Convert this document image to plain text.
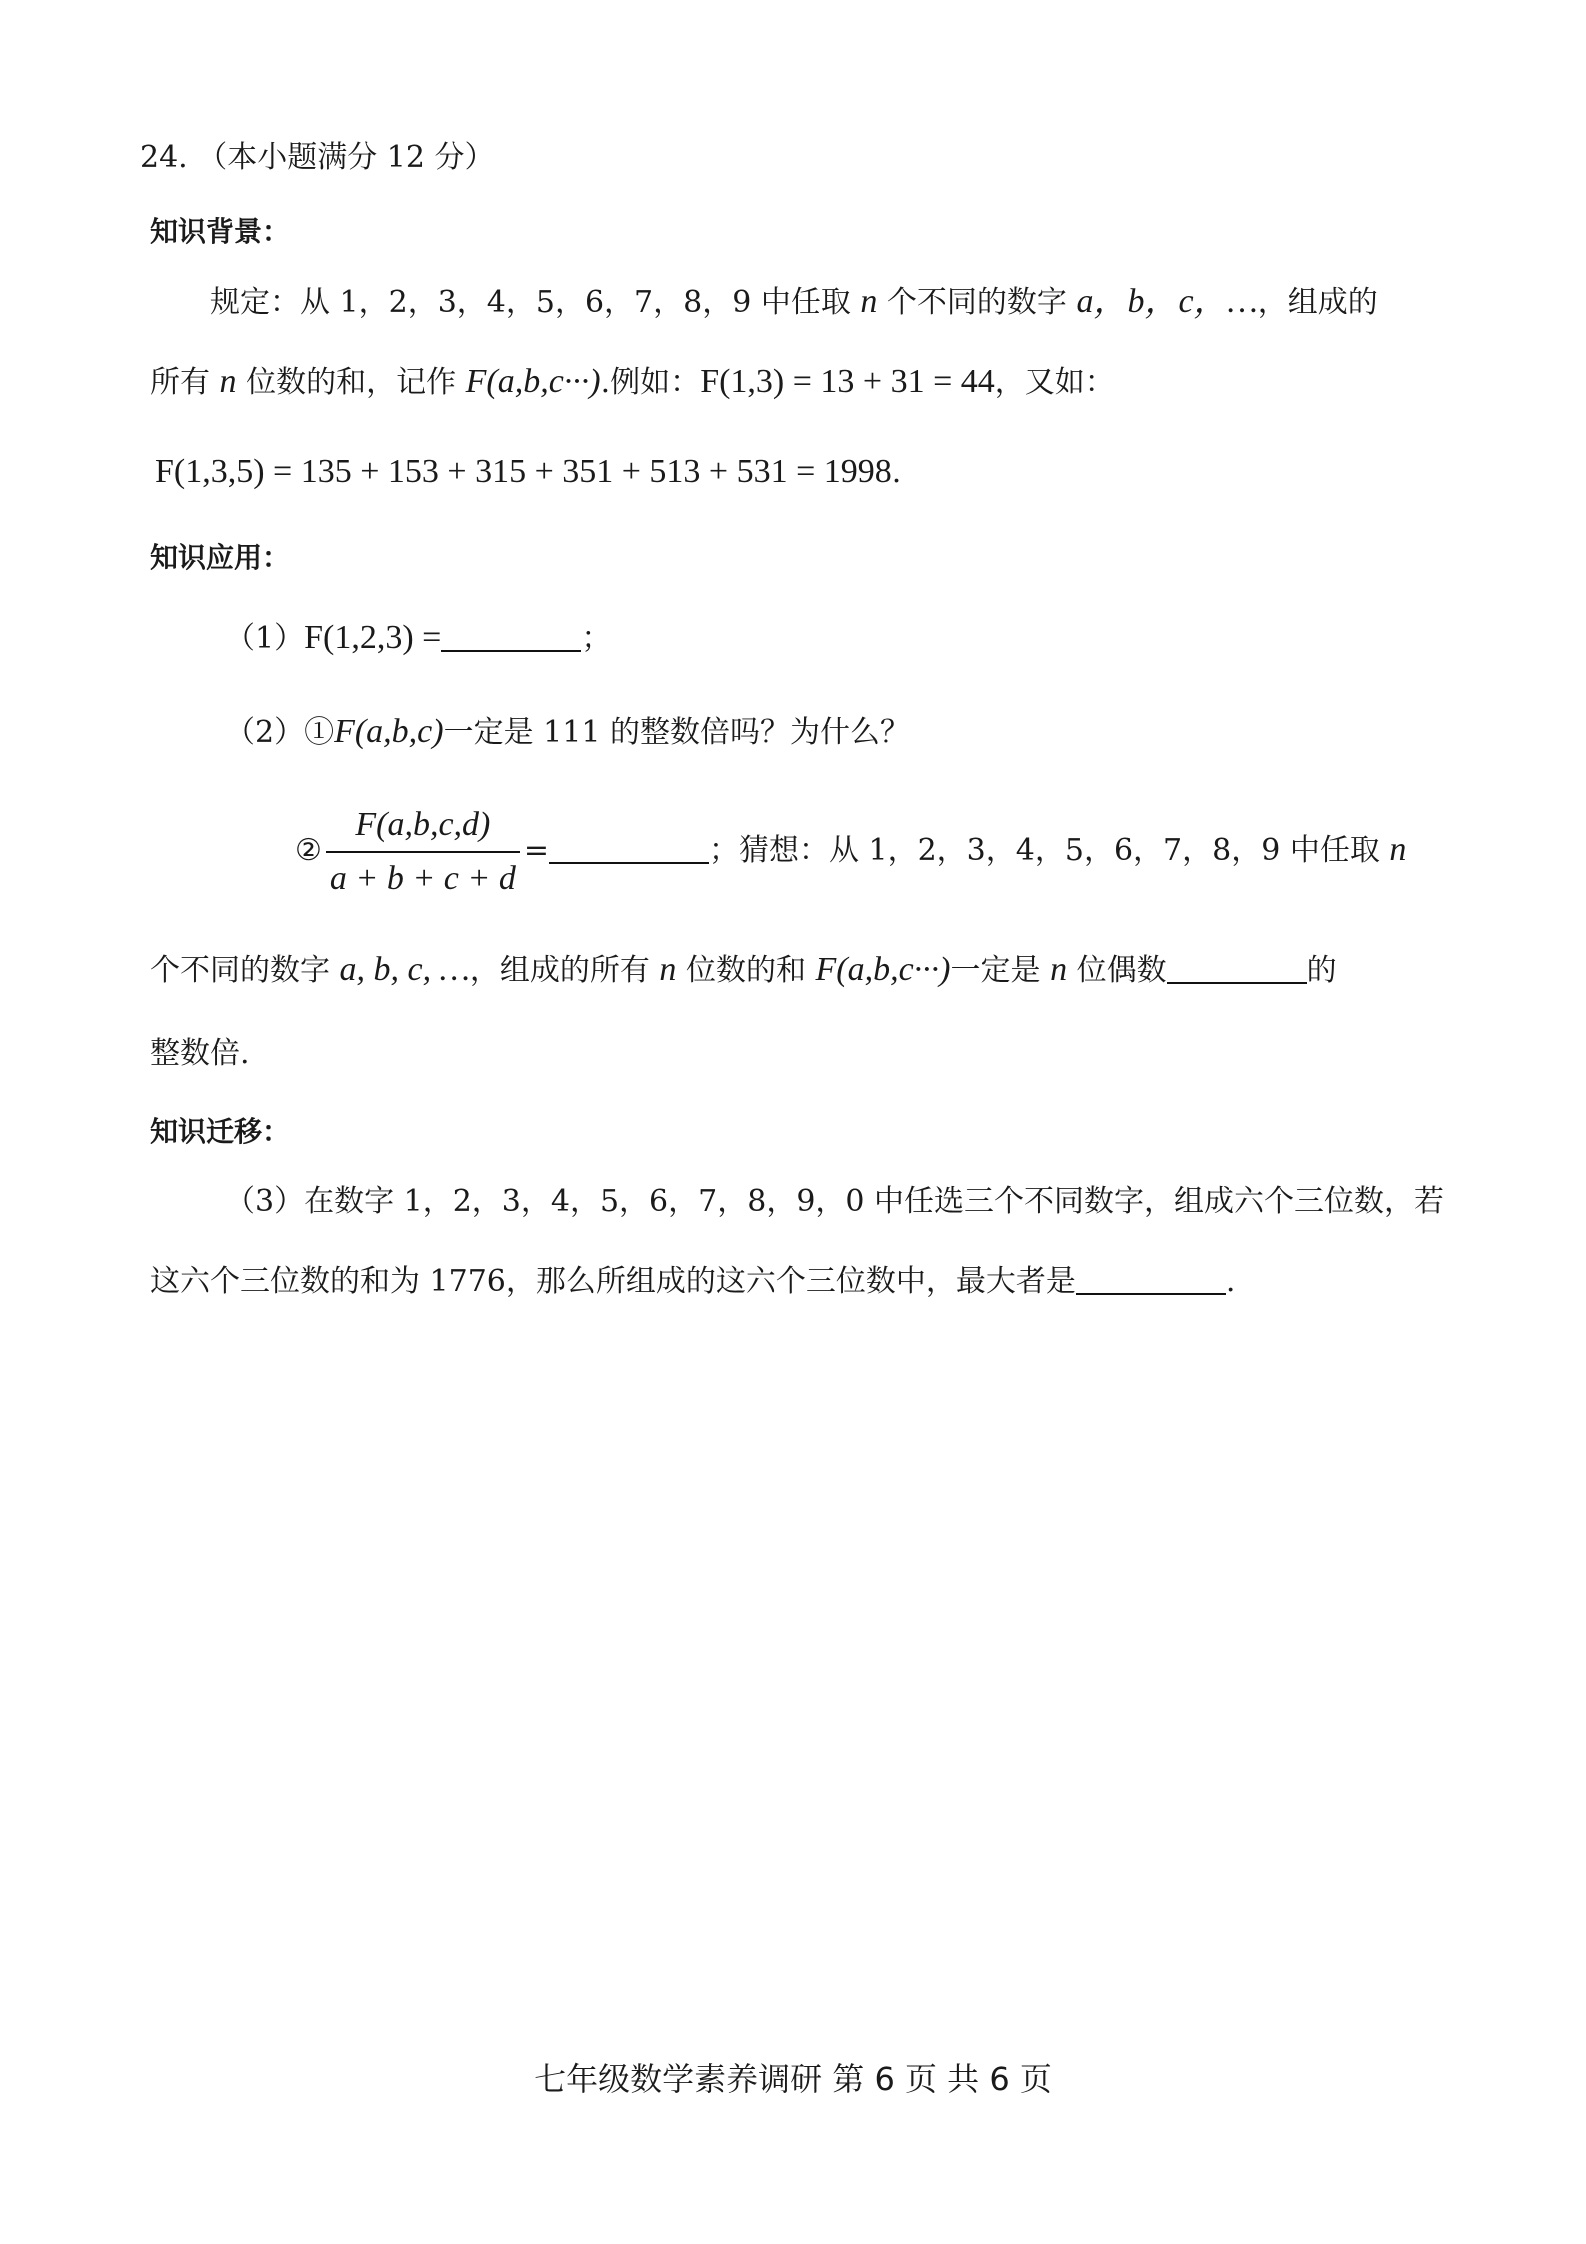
24. （本小题满分 12 分）
知识背景：
规定：从 1，2，3，4，5，6，7，8，9 中任取 n 个不同的数字 a，b，c，…，组成的
所有 n 位数的和，记作 F(a,b,c···).例如：F(1,3) = 13 + 31 = 44，又如：
F(1,3,5) = 135 + 153 + 315 + 351 + 513 + 531 = 1998.
知识应用：
（1）F(1,2,3) =	；
（2）①F(a,b,c)一定是 111 的整数倍吗？为什么？
② $\frac{F(a,b,c,d)}{a + b + c + d}$ =	；猜想：从 1，2，3，4，5，6，7，8，9 中任取 n
个不同的数字 a, b, c, …，组成的所有 n 位数的和 F(a,b,c···)一定是 n 位偶数	的
整数倍.
知识迁移：
（3）在数字 1，2，3，4，5，6，7，8，9，0 中任选三个不同数字，组成六个三位数，若
这六个三位数的和为 1776，那么所组成的这六个三位数中，最大者是	.
七年级数学素养调研 第 6 页 共 6 页
